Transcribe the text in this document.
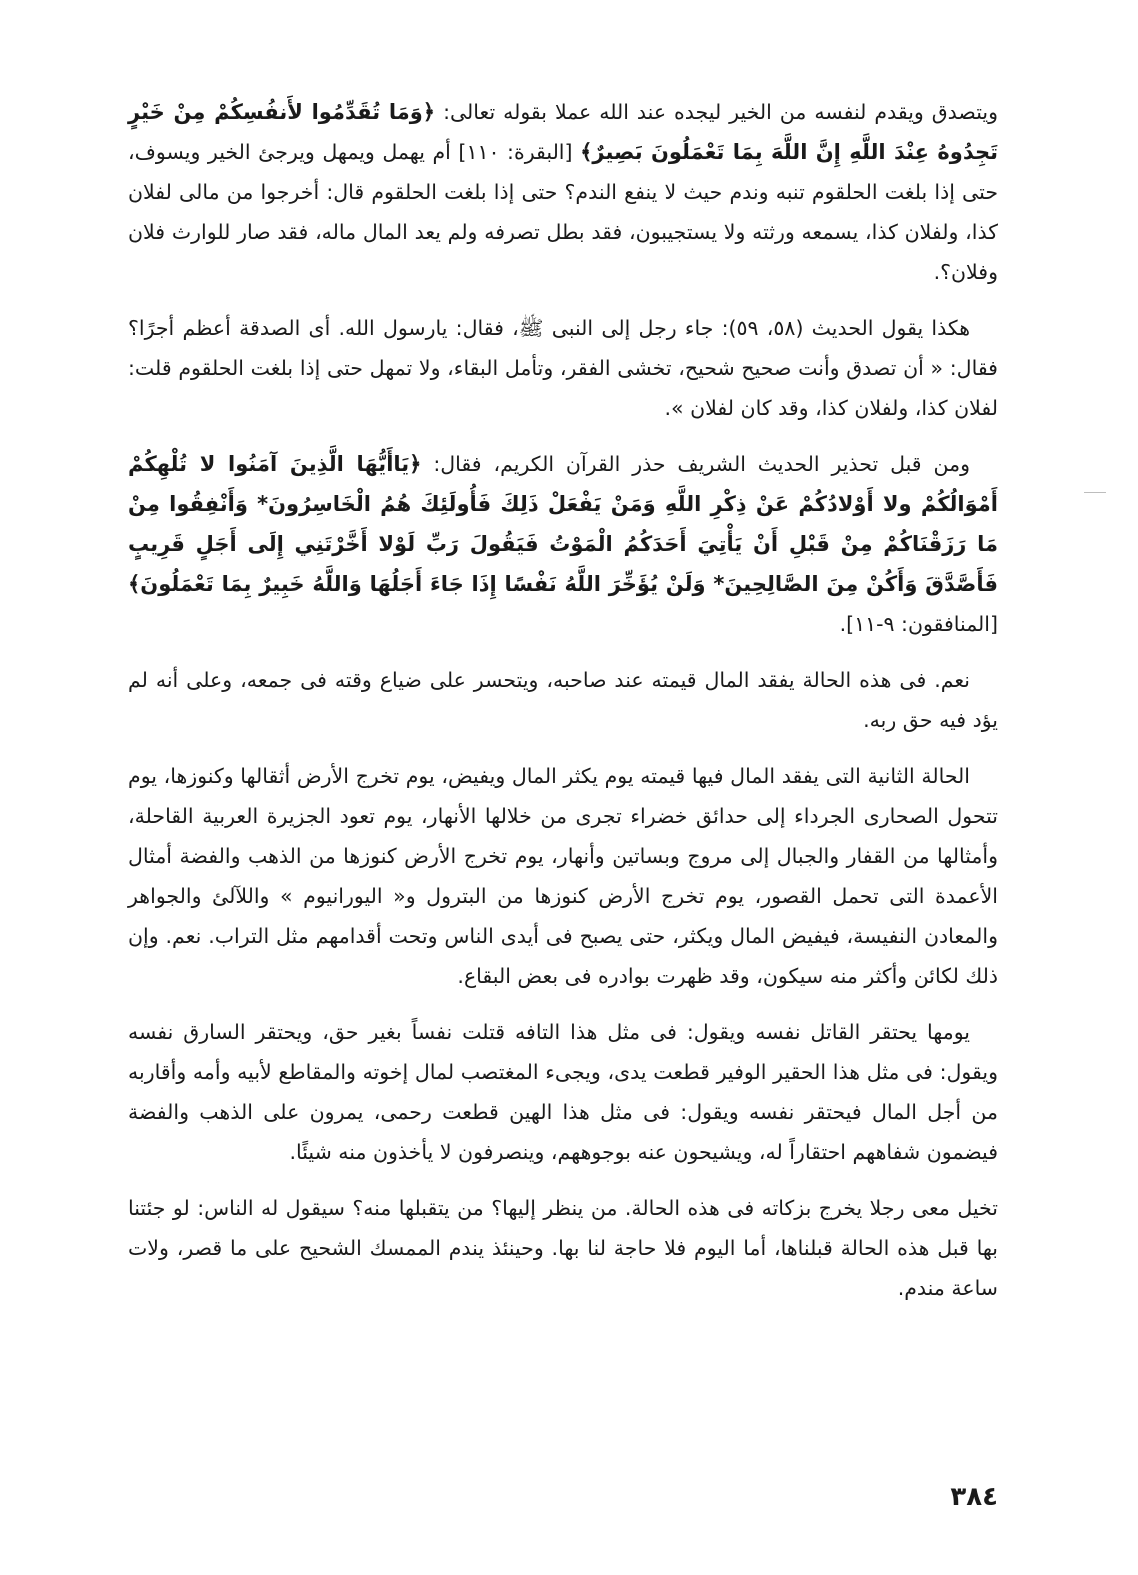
ويتصدق ويقدم لنفسه من الخير ليجده عند الله عملا بقوله تعالى: ﴿وَمَا تُقَدِّمُوا لأَنفُسِكُمْ مِنْ خَيْرٍ تَجِدُوهُ عِنْدَ اللَّهِ إِنَّ اللَّهَ بِمَا تَعْمَلُونَ بَصِيرٌ﴾ [البقرة: ١١٠] أم يهمل ويمهل ويرجئ الخير ويسوف، حتى إذا بلغت الحلقوم تنبه وندم حيث لا ينفع الندم؟ حتى إذا بلغت الحلقوم قال: أخرجوا من مالى لفلان كذا، ولفلان كذا، يسمعه ورثته ولا يستجيبون، فقد بطل تصرفه ولم يعد المال ماله، فقد صار للوارث فلان وفلان؟.

هكذا يقول الحديث (٥٨، ٥٩): جاء رجل إلى النبى ﷺ، فقال: يارسول الله. أى الصدقة أعظم أجرًا؟ فقال: « أن تصدق وأنت صحيح شحيح، تخشى الفقر، وتأمل البقاء، ولا تمهل حتى إذا بلغت الحلقوم قلت: لفلان كذا، ولفلان كذا، وقد كان لفلان ».

ومن قبل تحذير الحديث الشريف حذر القرآن الكريم، فقال: ﴿يَاأَيُّهَا الَّذِينَ آمَنُوا لا تُلْهِكُمْ أَمْوَالُكُمْ ولا أَوْلادُكُمْ عَنْ ذِكْرِ اللَّهِ وَمَنْ يَفْعَلْ ذَلِكَ فَأُولَئِكَ هُمُ الْخَاسِرُونَ* وَأَنْفِقُوا مِنْ مَا رَزَقْنَاكُمْ مِنْ قَبْلِ أَنْ يَأْتِيَ أَحَدَكُمُ الْمَوْتُ فَيَقُولَ رَبِّ لَوْلا أَخَّرْتَنِي إِلَى أَجَلٍ قَرِيبٍ فَأَصَّدَّقَ وَأَكُنْ مِنَ الصَّالِحِينَ* وَلَنْ يُؤَخِّرَ اللَّهُ نَفْسًا إِذَا جَاءَ أَجَلُهَا وَاللَّهُ خَبِيرٌ بِمَا تَعْمَلُونَ﴾ [المنافقون: ٩-١١].

نعم. فى هذه الحالة يفقد المال قيمته عند صاحبه، ويتحسر على ضياع وقته فى جمعه، وعلى أنه لم يؤد فيه حق ربه.

الحالة الثانية التى يفقد المال فيها قيمته يوم يكثر المال ويفيض، يوم تخرج الأرض أثقالها وكنوزها، يوم تتحول الصحارى الجرداء إلى حدائق خضراء تجرى من خلالها الأنهار، يوم تعود الجزيرة العربية القاحلة، وأمثالها من القفار والجبال إلى مروج وبساتين وأنهار، يوم تخرج الأرض كنوزها من الذهب والفضة أمثال الأعمدة التى تحمل القصور، يوم تخرج الأرض كنوزها من البترول و« اليورانيوم » واللآلئ والجواهر والمعادن النفيسة، فيفيض المال ويكثر، حتى يصبح فى أيدى الناس وتحت أقدامهم مثل التراب. نعم. وإن ذلك لكائن وأكثر منه سيكون، وقد ظهرت بوادره فى بعض البقاع.

يومها يحتقر القاتل نفسه ويقول: فى مثل هذا التافه قتلت نفساً بغير حق، ويحتقر السارق نفسه ويقول: فى مثل هذا الحقير الوفير قطعت يدى، ويجىء المغتصب لمال إخوته والمقاطع لأبيه وأمه وأقاربه من أجل المال فيحتقر نفسه ويقول: فى مثل هذا الهين قطعت رحمى، يمرون على الذهب والفضة فيضمون شفاههم احتقاراً له، ويشيحون عنه بوجوههم، وينصرفون لا يأخذون منه شيئًا.

تخيل معى رجلا يخرج بزكاته فى هذه الحالة. من ينظر إليها؟ من يتقبلها منه؟ سيقول له الناس: لو جئتنا بها قبل هذه الحالة قبلناها، أما اليوم فلا حاجة لنا بها. وحينئذ يندم الممسك الشحيح على ما قصر، ولات ساعة مندم.

٣٨٤
